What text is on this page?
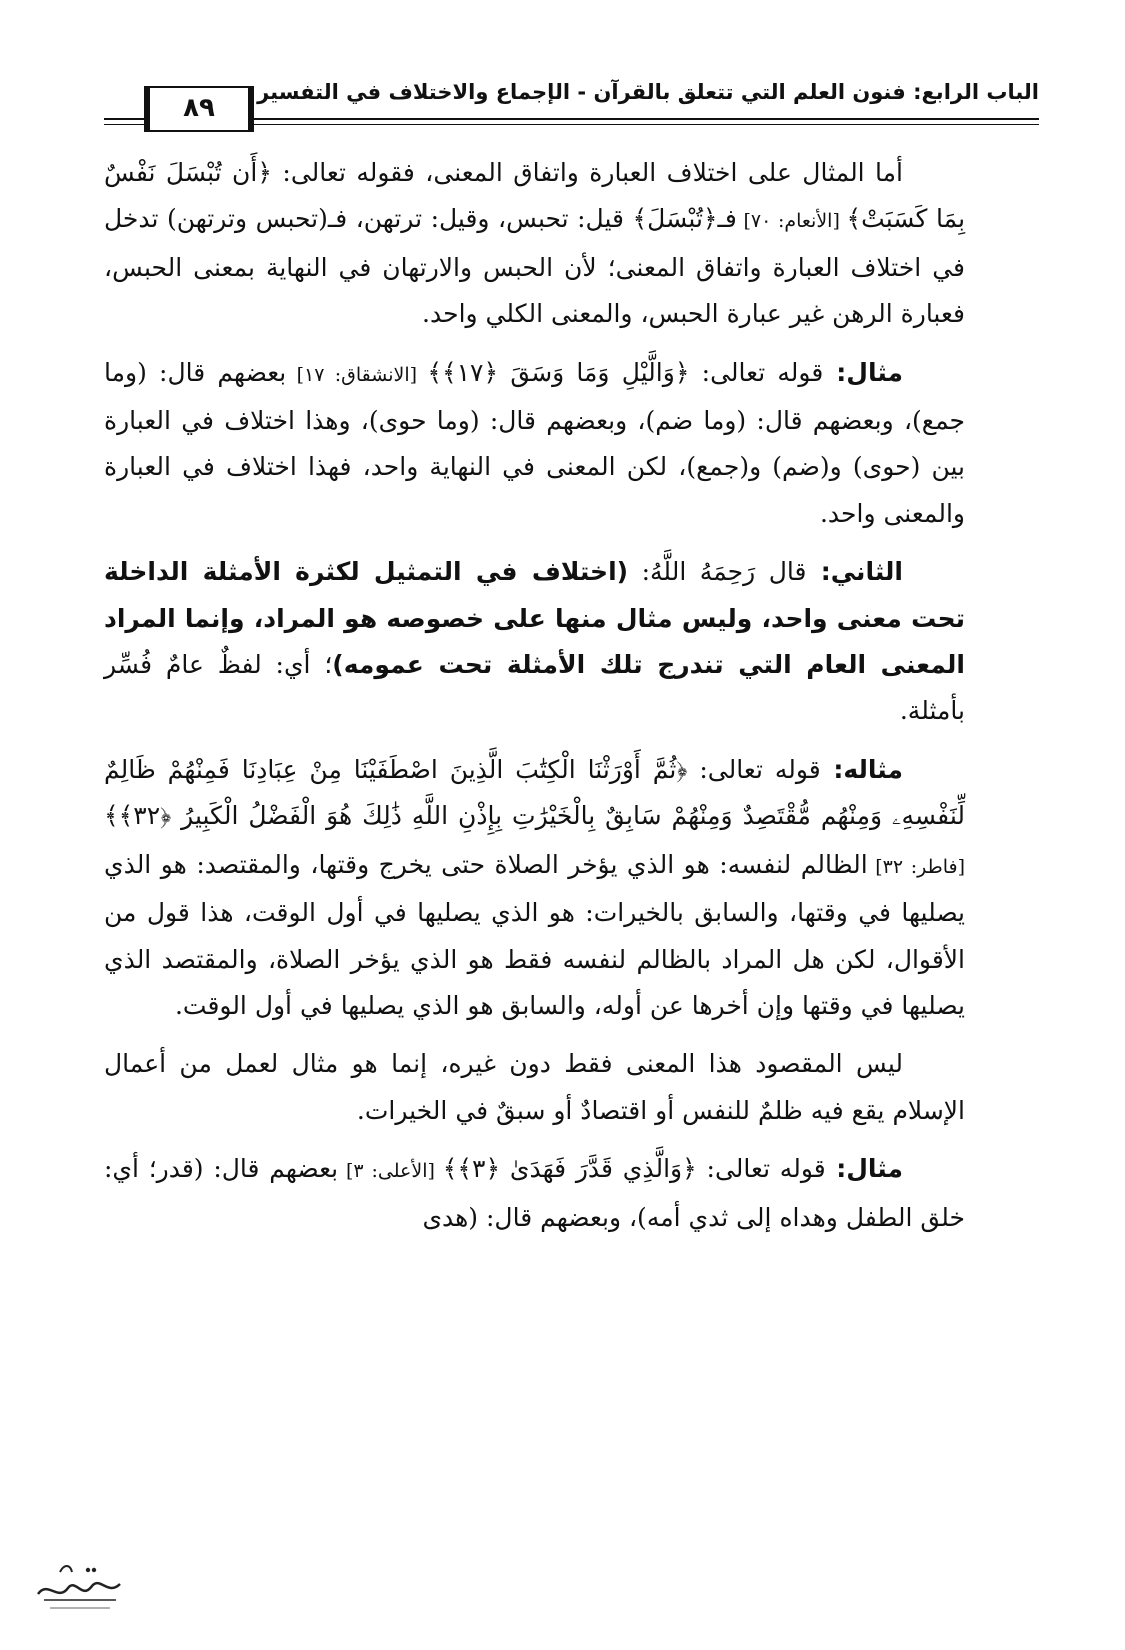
الباب الرابع: فنون العلم التي تتعلق بالقرآن - الإجماع والاختلاف في التفسير
٨٩

أما المثال على اختلاف العبارة واتفاق المعنى، فقوله تعالى: ﴿أَن تُبْسَلَ نَفْسٌ بِمَا كَسَبَتْ﴾ [الأنعام: ٧٠] فـ﴿تُبْسَلَ﴾ قيل: تحبس، وقيل: ترتهن، فـ(تحبس وترتهن) تدخل في اختلاف العبارة واتفاق المعنى؛ لأن الحبس والارتهان في النهاية بمعنى الحبس، فعبارة الرهن غير عبارة الحبس، والمعنى الكلي واحد.

مثال: قوله تعالى: ﴿وَالَّيْلِ وَمَا وَسَقَ ﴿١٧﴾﴾ [الانشقاق: ١٧] بعضهم قال: (وما جمع)، وبعضهم قال: (وما ضم)، وبعضهم قال: (وما حوى)، وهذا اختلاف في العبارة بين (حوى) و(ضم) و(جمع)، لكن المعنى في النهاية واحد، فهذا اختلاف في العبارة والمعنى واحد.

الثاني: قال رَحِمَهُ اللَّهُ: (اختلاف في التمثيل لكثرة الأمثلة الداخلة تحت معنى واحد، وليس مثال منها على خصوصه هو المراد، وإنما المراد المعنى العام التي تندرج تلك الأمثلة تحت عمومه)؛ أي: لفظٌ عامٌ فُسِّر بأمثلة.

مثاله: قوله تعالى: ﴿ثُمَّ أَوْرَثْنَا الْكِتَٰبَ الَّذِينَ اصْطَفَيْنَا مِنْ عِبَادِنَا فَمِنْهُمْ ظَالِمٌ لِّنَفْسِهِۦ وَمِنْهُم مُّقْتَصِدٌ وَمِنْهُمْ سَابِقٌ بِالْخَيْرَٰتِ بِإِذْنِ اللَّهِ ذَٰلِكَ هُوَ الْفَضْلُ الْكَبِيرُ ﴿٣٢﴾﴾ [فاطر: ٣٢] الظالم لنفسه: هو الذي يؤخر الصلاة حتى يخرج وقتها، والمقتصد: هو الذي يصليها في وقتها، والسابق بالخيرات: هو الذي يصليها في أول الوقت، هذا قول من الأقوال، لكن هل المراد بالظالم لنفسه فقط هو الذي يؤخر الصلاة، والمقتصد الذي يصليها في وقتها وإن أخرها عن أوله، والسابق هو الذي يصليها في أول الوقت.

ليس المقصود هذا المعنى فقط دون غيره، إنما هو مثال لعمل من أعمال الإسلام يقع فيه ظلمٌ للنفس أو اقتصادٌ أو سبقٌ في الخيرات.

مثال: قوله تعالى: ﴿وَالَّذِي قَدَّرَ فَهَدَىٰ ﴿٣﴾﴾ [الأعلى: ٣] بعضهم قال: (قدر؛ أي: خلق الطفل وهداه إلى ثدي أمه)، وبعضهم قال: (هدى
